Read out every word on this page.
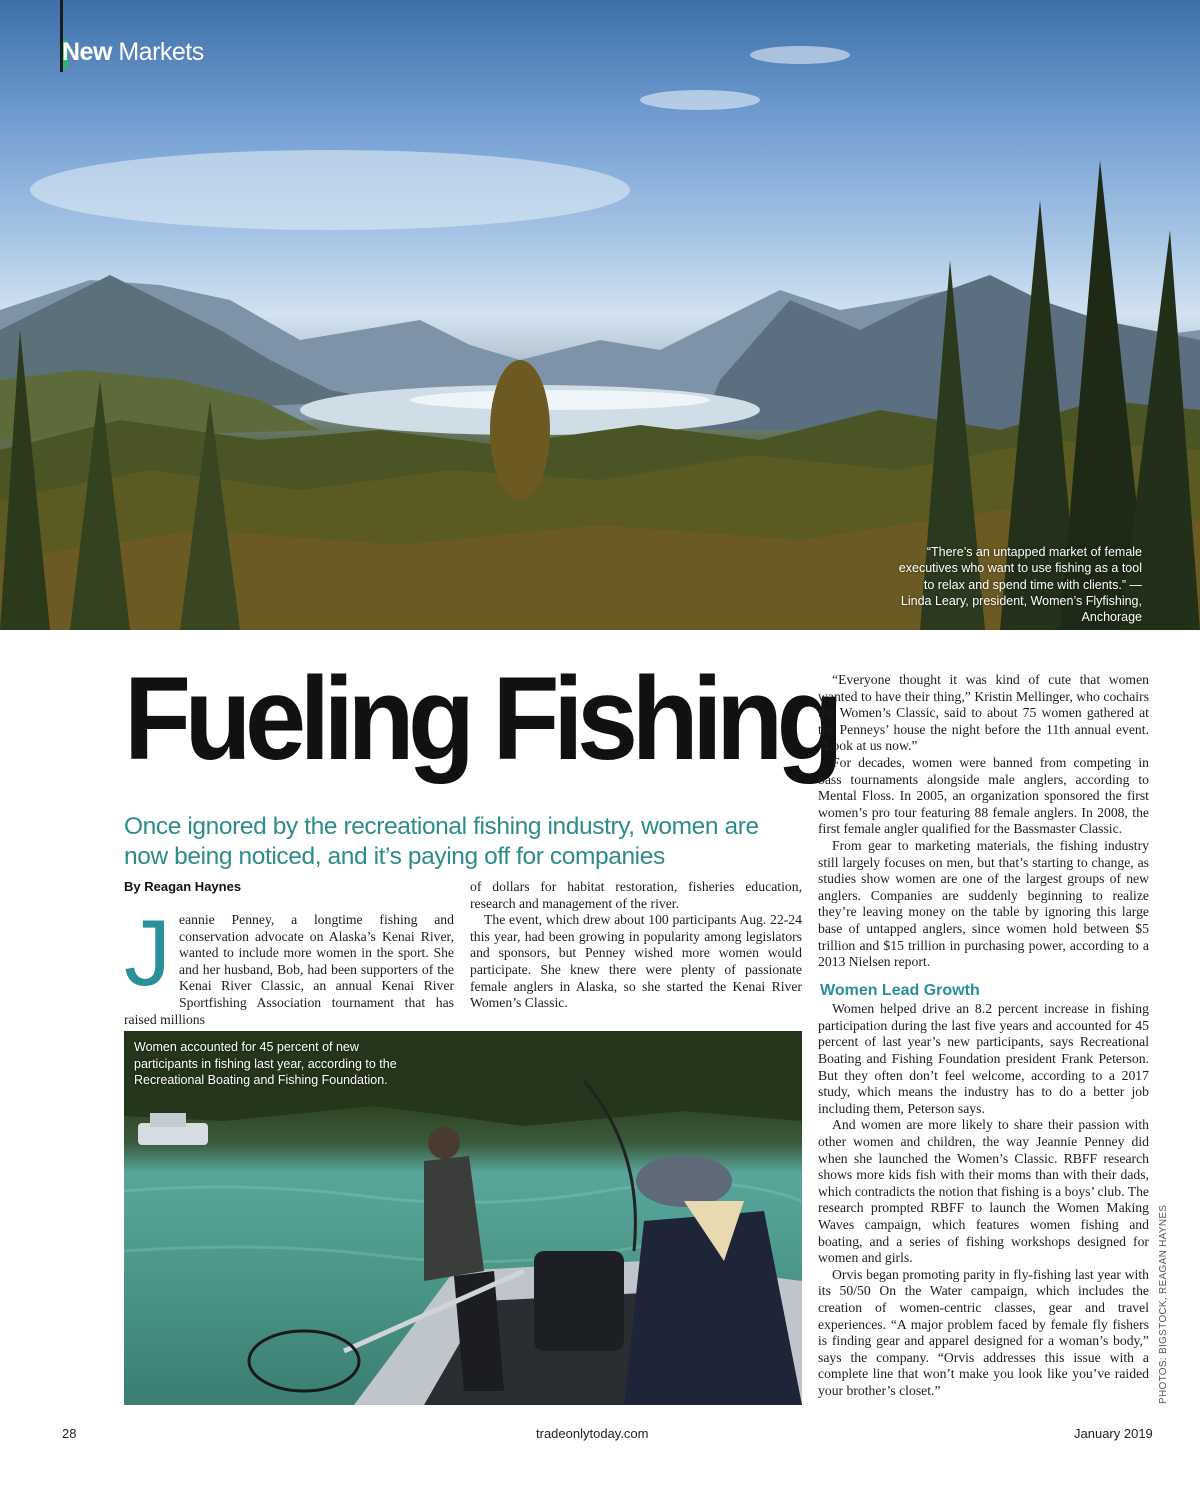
New Markets
“There’s an untapped market of female executives who want to use fishing as a tool to relax and spend time with clients.” — Linda Leary, president, Women’s Flyfishing, Anchorage
Fueling Fishing
Once ignored by the recreational fishing industry, women are now being noticed, and it’s paying off for companies
By Reagan Haynes
J eannie Penney, a longtime fishing and conservation advocate on Alaska’s Kenai River, wanted to include more women in the sport. She and her husband, Bob, had been supporters of the Kenai River Classic, an annual Kenai River Sportfishing Association tournament that has raised millions

of dollars for habitat restoration, fisheries education, research and management of the river.

The event, which drew about 100 participants Aug. 22-24 this year, had been growing in popularity among legislators and sponsors, but Penney wished more women would participate. She knew there were plenty of passionate female anglers in Alaska, so she started the Kenai River Women’s Classic.

“Everyone thought it was kind of cute that women wanted to have their thing,” Kristin Mellinger, who cochairs the Women’s Classic, said to about 75 women gathered at the Penneys’ house the night before the 11th annual event. “Look at us now.”

For decades, women were banned from competing in bass tournaments alongside male anglers, according to Mental Floss. In 2005, an organization sponsored the first women’s pro tour featuring 88 female anglers. In 2008, the first female angler qualified for the Bassmaster Classic.

From gear to marketing materials, the fishing industry still largely focuses on men, but that’s starting to change, as studies show women are one of the largest groups of new anglers. Companies are suddenly beginning to realize they’re leaving money on the table by ignoring this large base of untapped anglers, since women hold between $5 trillion and $15 trillion in purchasing power, according to a 2013 Nielsen report.

Women Lead Growth

Women helped drive an 8.2 percent increase in fishing participation during the last five years and accounted for 45 percent of last year’s new participants, says Recreational Boating and Fishing Foundation president Frank Peterson. But they often don’t feel welcome, according to a 2017 study, which means the industry has to do a better job including them, Peterson says.

And women are more likely to share their passion with other women and children, the way Jeannie Penney did when she launched the Women’s Classic. RBFF research shows more kids fish with their moms than with their dads, which contradicts the notion that fishing is a boys’ club. The research prompted RBFF to launch the Women Making Waves campaign, which features women fishing and boating, and a series of fishing workshops designed for women and girls.

Orvis began promoting parity in fly-fishing last year with its 50/50 On the Water campaign, which includes the creation of women-centric classes, gear and travel experiences. “A major problem faced by female fly fishers is finding gear and apparel designed for a woman’s body,” says the company. “Orvis addresses this issue with a complete line that won’t make you look like you’ve raided your brother’s closet.”

Women accounted for 45 percent of new participants in fishing last year, according to the Recreational Boating and Fishing Foundation.
PHOTOS: BIGSTOCK, REAGAN HAYNES
28	tradeonlytoday.com	January 2019
